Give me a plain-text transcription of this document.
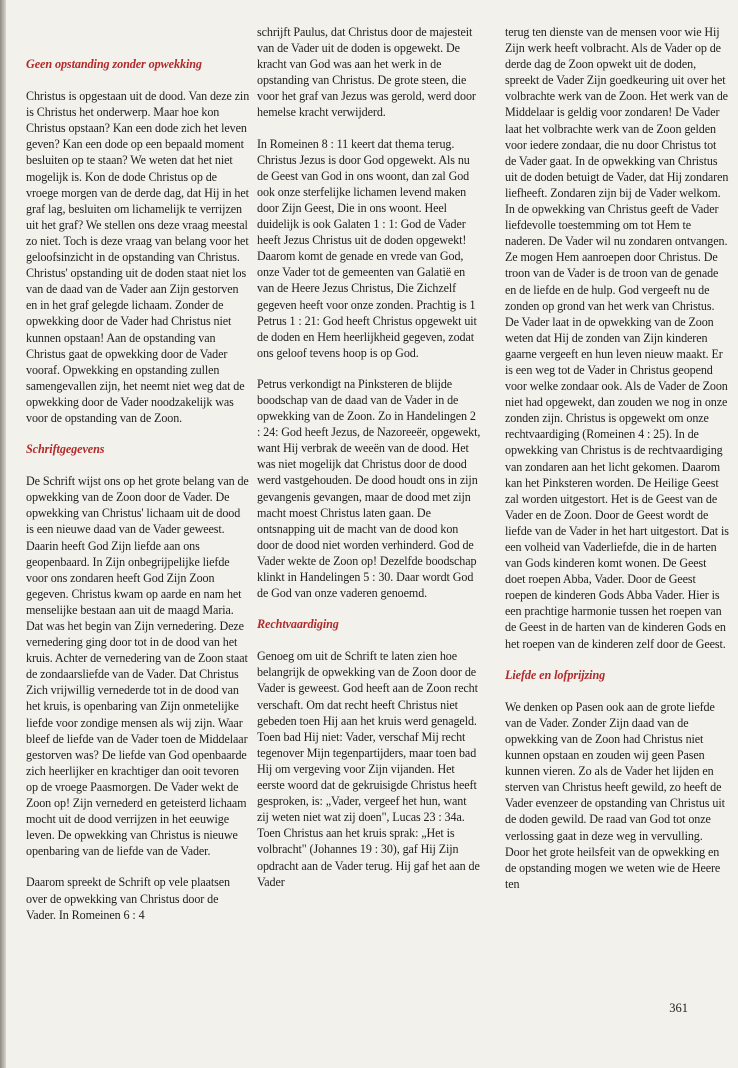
Geen opstanding zonder opwekking

Christus is opgestaan uit de dood. Van deze zin is Christus het onderwerp. Maar hoe kon Christus opstaan? Kan een dode zich het leven geven? Kan een dode op een bepaald moment besluiten op te staan? We weten dat het niet mogelijk is. Kon de dode Christus op de vroege morgen van de derde dag, dat Hij in het graf lag, besluiten om lichamelijk te verrijzen uit het graf? We stellen ons deze vraag meestal zo niet. Toch is deze vraag van belang voor het geloofsinzicht in de opstanding van Christus. Christus' opstanding uit de doden staat niet los van de daad van de Vader aan Zijn gestorven en in het graf gelegde lichaam. Zonder de opwekking door de Vader had Christus niet kunnen opstaan! Aan de opstanding van Christus gaat de opwekking door de Vader vooraf. Opwekking en opstanding zullen samengevallen zijn, het neemt niet weg dat de opwekking door de Vader noodzakelijk was voor de opstanding van de Zoon.

Schriftgegevens

De Schrift wijst ons op het grote belang van de opwekking van de Zoon door de Vader. De opwekking van Christus' lichaam uit de dood is een nieuwe daad van de Vader geweest. Daarin heeft God Zijn liefde aan ons geopenbaard. In Zijn onbegrijpelijke liefde voor ons zondaren heeft God Zijn Zoon gegeven. Christus kwam op aarde en nam het menselijke bestaan aan uit de maagd Maria. Dat was het begin van Zijn vernedering. Deze vernedering ging door tot in de dood van het kruis. Achter de vernedering van de Zoon staat de zondaarsliefde van de Vader. Dat Christus Zich vrijwillig vernederde tot in de dood van het kruis, is openbaring van Zijn onmetelijke liefde voor zondige mensen als wij zijn. Waar bleef de liefde van de Vader toen de Middelaar gestorven was? De liefde van God openbaarde zich heerlijker en krachtiger dan ooit tevoren op de vroege Paasmorgen. De Vader wekt de Zoon op! Zijn vernederd en geteisterd lichaam mocht uit de dood verrijzen in het eeuwige leven. De opwekking van Christus is nieuwe openbaring van de liefde van de Vader.

Daarom spreekt de Schrift op vele plaatsen over de opwekking van Christus door de Vader. In Romeinen 6 : 4

schrijft Paulus, dat Christus door de majesteit van de Vader uit de doden is opgewekt. De kracht van God was aan het werk in de opstanding van Christus. De grote steen, die voor het graf van Jezus was gerold, werd door hemelse kracht verwijderd.

In Romeinen 8 : 11 keert dat thema terug. Christus Jezus is door God opgewekt. Als nu de Geest van God in ons woont, dan zal God ook onze sterfelijke lichamen levend maken door Zijn Geest, Die in ons woont. Heel duidelijk is ook Galaten 1 : 1: God de Vader heeft Jezus Christus uit de doden opgewekt! Daarom komt de genade en vrede van God, onze Vader tot de gemeenten van Galatië en van de Heere Jezus Christus, Die Zichzelf gegeven heeft voor onze zonden. Prachtig is 1 Petrus 1 : 21: God heeft Christus opgewekt uit de doden en Hem heerlijkheid gegeven, zodat ons geloof tevens hoop is op God.

Petrus verkondigt na Pinksteren de blijde boodschap van de daad van de Vader in de opwekking van de Zoon. Zo in Handelingen 2 : 24: God heeft Jezus, de Nazoreeër, opgewekt, want Hij verbrak de weeën van de dood. Het was niet mogelijk dat Christus door de dood werd vastgehouden. De dood houdt ons in zijn gevangenis gevangen, maar de dood met zijn macht moest Christus laten gaan. De ontsnapping uit de macht van de dood kon door de dood niet worden verhinderd. God de Vader wekte de Zoon op! Dezelfde boodschap klinkt in Handelingen 5 : 30. Daar wordt God de God van onze vaderen genoemd.

Rechtvaardiging

Genoeg om uit de Schrift te laten zien hoe belangrijk de opwekking van de Zoon door de Vader is geweest. God heeft aan de Zoon recht verschaft. Om dat recht heeft Christus niet gebeden toen Hij aan het kruis werd genageld. Toen bad Hij niet: Vader, verschaf Mij recht tegenover Mijn tegenpartijders, maar toen bad Hij om vergeving voor Zijn vijanden. Het eerste woord dat de gekruisigde Christus heeft gesproken, is: „Vader, vergeef het hun, want zij weten niet wat zij doen", Lucas 23 : 34a. Toen Christus aan het kruis sprak: „Het is volbracht" (Johannes 19 : 30), gaf Hij Zijn opdracht aan de Vader terug. Hij gaf het aan de Vader

terug ten dienste van de mensen voor wie Hij Zijn werk heeft volbracht. Als de Vader op de derde dag de Zoon opwekt uit de doden, spreekt de Vader Zijn goedkeuring uit over het volbrachte werk van de Zoon. Het werk van de Middelaar is geldig voor zondaren! De Vader laat het volbrachte werk van de Zoon gelden voor iedere zondaar, die nu door Christus tot de Vader gaat. In de opwekking van Christus uit de doden betuigt de Vader, dat Hij zondaren liefheeft. Zondaren zijn bij de Vader welkom. In de opwekking van Christus geeft de Vader liefdevolle toestemming om tot Hem te naderen. De Vader wil nu zondaren ontvangen. Ze mogen Hem aanroepen door Christus. De troon van de Vader is de troon van de genade en de liefde en de hulp. God vergeeft nu de zonden op grond van het werk van Christus. De Vader laat in de opwekking van de Zoon weten dat Hij de zonden van Zijn kinderen gaarne vergeeft en hun leven nieuw maakt. Er is een weg tot de Vader in Christus geopend voor welke zondaar ook. Als de Vader de Zoon niet had opgewekt, dan zouden we nog in onze zonden zijn. Christus is opgewekt om onze rechtvaardiging (Romeinen 4 : 25). In de opwekking van Christus is de rechtvaardiging van zondaren aan het licht gekomen. Daarom kan het Pinksteren worden. De Heilige Geest zal worden uitgestort. Het is de Geest van de Vader en de Zoon. Door de Geest wordt de liefde van de Vader in het hart uitgestort. Dat is een volheid van Vaderliefde, die in de harten van Gods kinderen komt wonen. De Geest doet roepen Abba, Vader. Door de Geest roepen de kinderen Gods Abba Vader. Hier is een prachtige harmonie tussen het roepen van de Geest in de harten van de kinderen Gods en het roepen van de kinderen zelf door de Geest.

Liefde en lofprijzing

We denken op Pasen ook aan de grote liefde van de Vader. Zonder Zijn daad van de opwekking van de Zoon had Christus niet kunnen opstaan en zouden wij geen Pasen kunnen vieren. Zo als de Vader het lijden en sterven van Christus heeft gewild, zo heeft de Vader evenzeer de opstanding van Christus uit de doden gewild. De raad van God tot onze verlossing gaat in deze weg in vervulling. Door het grote heilsfeit van de opwekking en de opstanding mogen we weten wie de Heere ten

361
